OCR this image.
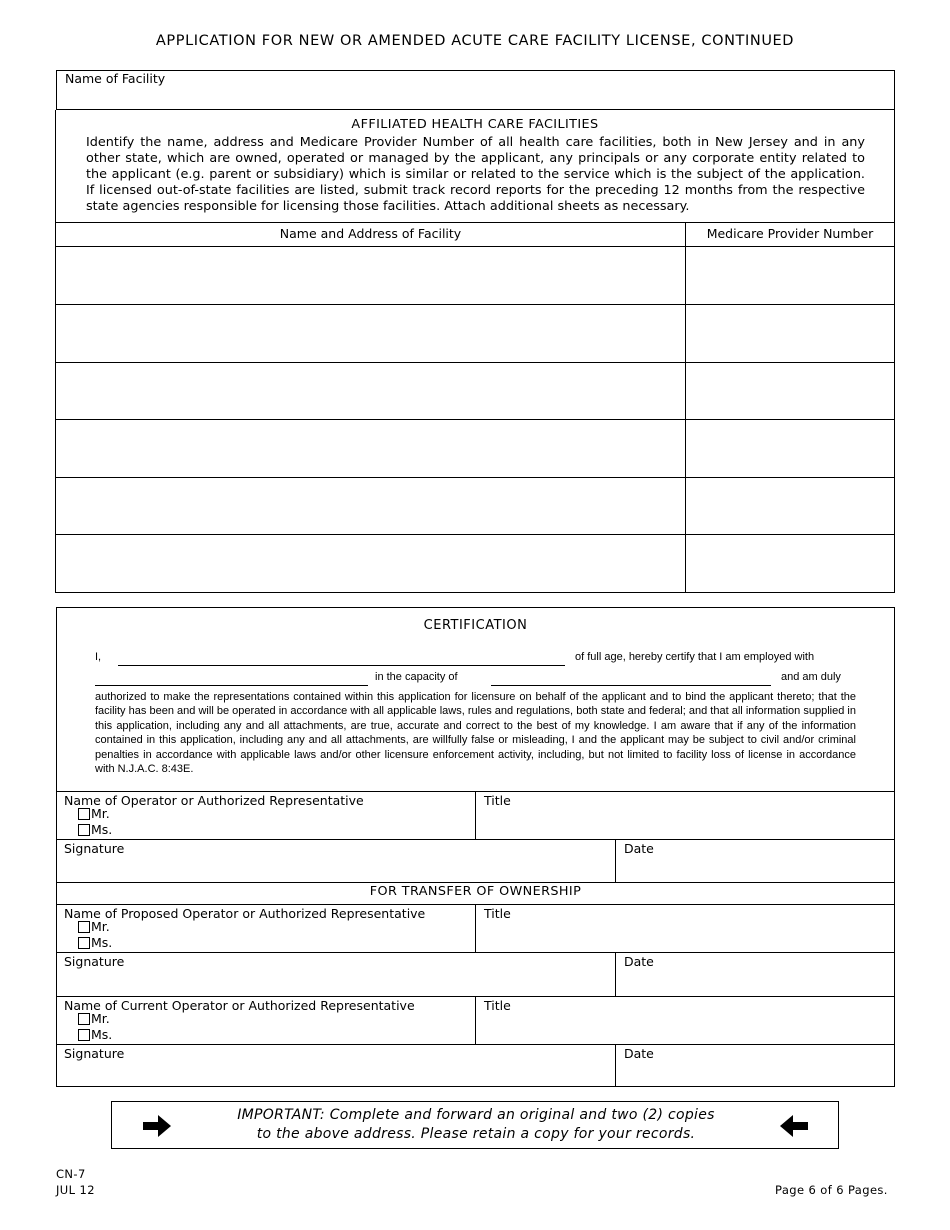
APPLICATION FOR NEW OR AMENDED ACUTE CARE FACILITY LICENSE, CONTINUED
Name of Facility
AFFILIATED HEALTH CARE FACILITIES
Identify the name, address and Medicare Provider Number of all health care facilities, both in New Jersey and in any other state, which are owned, operated or managed by the applicant, any principals or any corporate entity related to the applicant (e.g. parent or subsidiary) which is similar or related to the service which is the subject of the application. If licensed out-of-state facilities are listed, submit track record reports for the preceding 12 months from the respective state agencies responsible for licensing those facilities. Attach additional sheets as necessary.
Name and Address of Facility	Medicare Provider Number
CERTIFICATION
I,	of full age, hereby certify that I am employed with
in the capacity of	and am duly
authorized to make the representations contained within this application for licensure on behalf of the applicant and to bind the applicant thereto; that the facility has been and will be operated in accordance with all applicable laws, rules and regulations, both state and federal; and that all information supplied in this application, including any and all attachments, are true, accurate and correct to the best of my knowledge. I am aware that if any of the information contained in this application, including any and all attachments, are willfully false or misleading, I and the applicant may be subject to civil and/or criminal penalties in accordance with applicable laws and/or other licensure enforcement activity, including, but not limited to facility loss of license in accordance with N.J.A.C. 8:43E.
Name of Operator or Authorized Representative
Mr.
Ms.
Title
Signature	Date
FOR TRANSFER OF OWNERSHIP
Name of Proposed Operator or Authorized Representative
Mr.
Ms.
Title
Signature	Date
Name of Current Operator or Authorized Representative
Mr.
Ms.
Title
Signature	Date
IMPORTANT: Complete and forward an original and two (2) copies
to the above address. Please retain a copy for your records.
CN-7
JUL 12	Page 6 of 6 Pages.
